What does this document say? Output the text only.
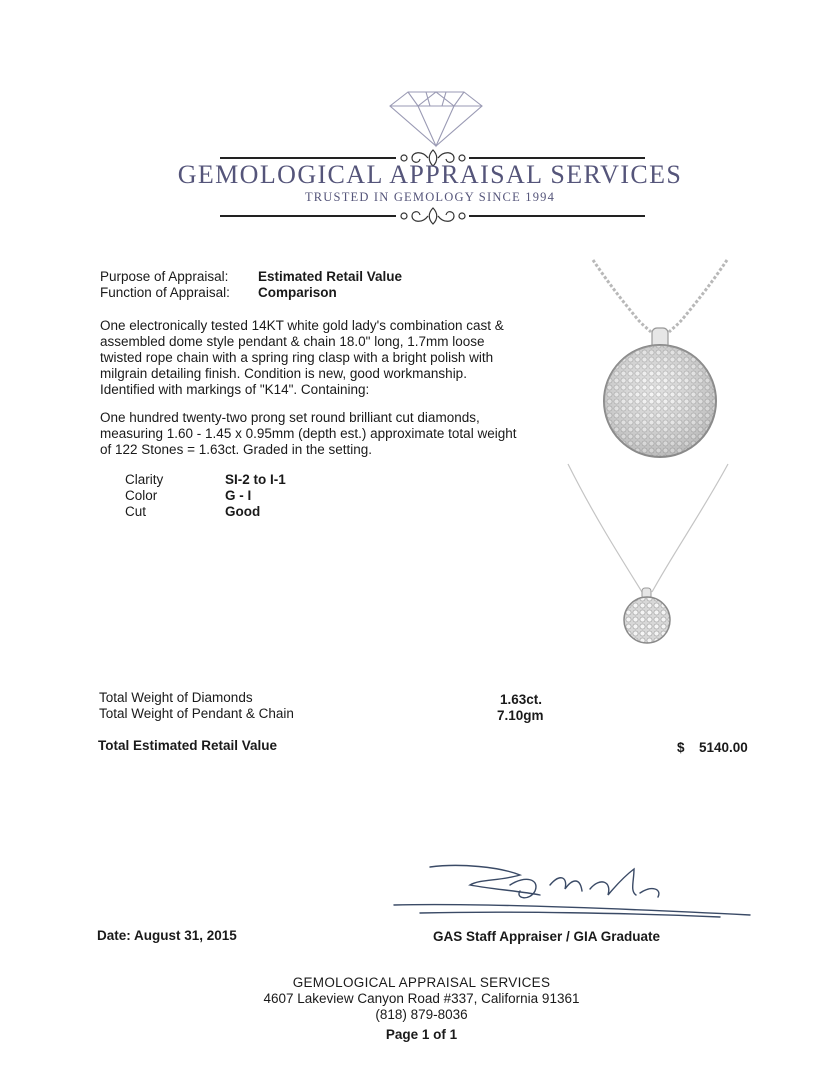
GEMOLOGICAL APPRAISAL SERVICES
TRUSTED IN GEMOLOGY SINCE 1994
Purpose of Appraisal: Estimated Retail Value
Function of Appraisal: Comparison
One electronically tested 14KT white gold lady's combination cast & assembled dome style pendant & chain 18.0" long, 1.7mm loose twisted rope chain with a spring ring clasp with a bright polish with milgrain detailing finish. Condition is new, good workmanship. Identified with markings of "K14". Containing:
One hundred twenty-two prong set round brilliant cut diamonds, measuring 1.60 - 1.45 x 0.95mm (depth est.) approximate total weight of 122 Stones = 1.63ct. Graded in the setting.
Clarity	SI-2 to I-1
Color	G - I
Cut	Good
Total Weight of Diamonds	1.63ct.
Total Weight of Pendant & Chain	7.10gm
Total Estimated Retail Value	$ 5140.00
Date: August 31, 2015	GAS Staff Appraiser / GIA Graduate
GEMOLOGICAL APPRAISAL SERVICES
4607 Lakeview Canyon Road #337, California 91361
(818) 879-8036
Page 1 of 1
